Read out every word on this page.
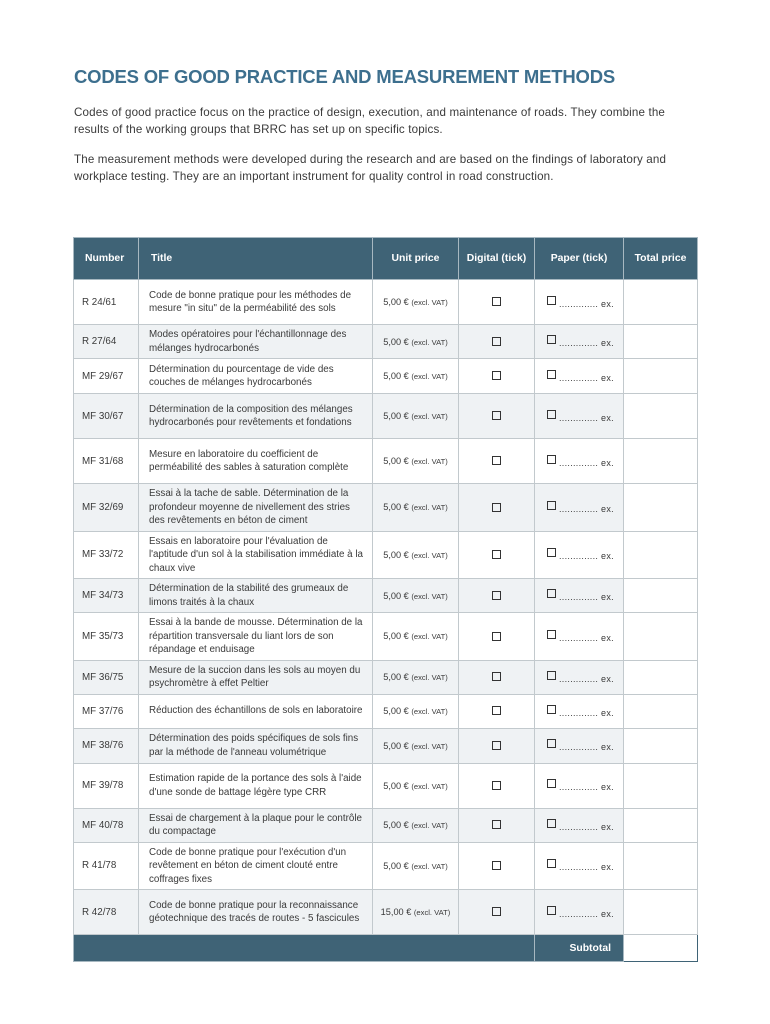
CODES OF GOOD PRACTICE AND MEASUREMENT METHODS
Codes of good practice focus on the practice of design, execution, and maintenance of roads. They combine the results of the working groups that BRRC has set up on specific topics.
The measurement methods were developed during the research and are based on the findings of laboratory and workplace testing. They are an important instrument for quality control in road construction.
Number	Title	Unit price	Digital (tick)	Paper (tick)	Total price
R 24/61	Code de bonne pratique pour les méthodes de mesure "in situ" de la perméabilité des sols	5,00 € (excl. VAT)		.............. ex.	
R 27/64	Modes opératoires pour l'échantillonnage des mélanges hydrocarbonés	5,00 € (excl. VAT)		.............. ex.	
MF 29/67	Détermination du pourcentage de vide des couches de mélanges hydrocarbonés	5,00 € (excl. VAT)		.............. ex.	
MF 30/67	Détermination de la composition des mélanges hydrocarbonés pour revêtements et fondations	5,00 € (excl. VAT)		.............. ex.	
MF 31/68	Mesure en laboratoire du coefficient de perméabilité des sables à saturation complète	5,00 € (excl. VAT)		.............. ex.	
MF 32/69	Essai à la tache de sable. Détermination de la profondeur moyenne de nivellement des stries des revêtements en béton de ciment	5,00 € (excl. VAT)		.............. ex.	
MF 33/72	Essais en laboratoire pour l'évaluation de l'aptitude d'un sol à la stabilisation immédiate à la chaux vive	5,00 € (excl. VAT)		.............. ex.	
MF 34/73	Détermination de la stabilité des grumeaux de limons traités à la chaux	5,00 € (excl. VAT)		.............. ex.	
MF 35/73	Essai à la bande de mousse. Détermination de la répartition transversale du liant lors de son répandage et enduisage	5,00 € (excl. VAT)		.............. ex.	
MF 36/75	Mesure de la succion dans les sols au moyen du psychromètre à effet Peltier	5,00 € (excl. VAT)		.............. ex.	
MF 37/76	Réduction des échantillons de sols en laboratoire	5,00 € (excl. VAT)		.............. ex.	
MF 38/76	Détermination des poids spécifiques de sols fins par la méthode de l'anneau volumétrique	5,00 € (excl. VAT)		.............. ex.	
MF 39/78	Estimation rapide de la portance des sols à l'aide d'une sonde de battage légère type CRR	5,00 € (excl. VAT)		.............. ex.	
MF 40/78	Essai de chargement à la plaque pour le contrôle du compactage	5,00 € (excl. VAT)		.............. ex.	
R 41/78	Code de bonne pratique pour l'exécution d'un revêtement en béton de ciment clouté entre coffrages fixes	5,00 € (excl. VAT)		.............. ex.	
R 42/78	Code de bonne pratique pour la reconnaissance géotechnique des tracés de routes - 5 fascicules	15,00 € (excl. VAT)		.............. ex.	
				Subtotal	
